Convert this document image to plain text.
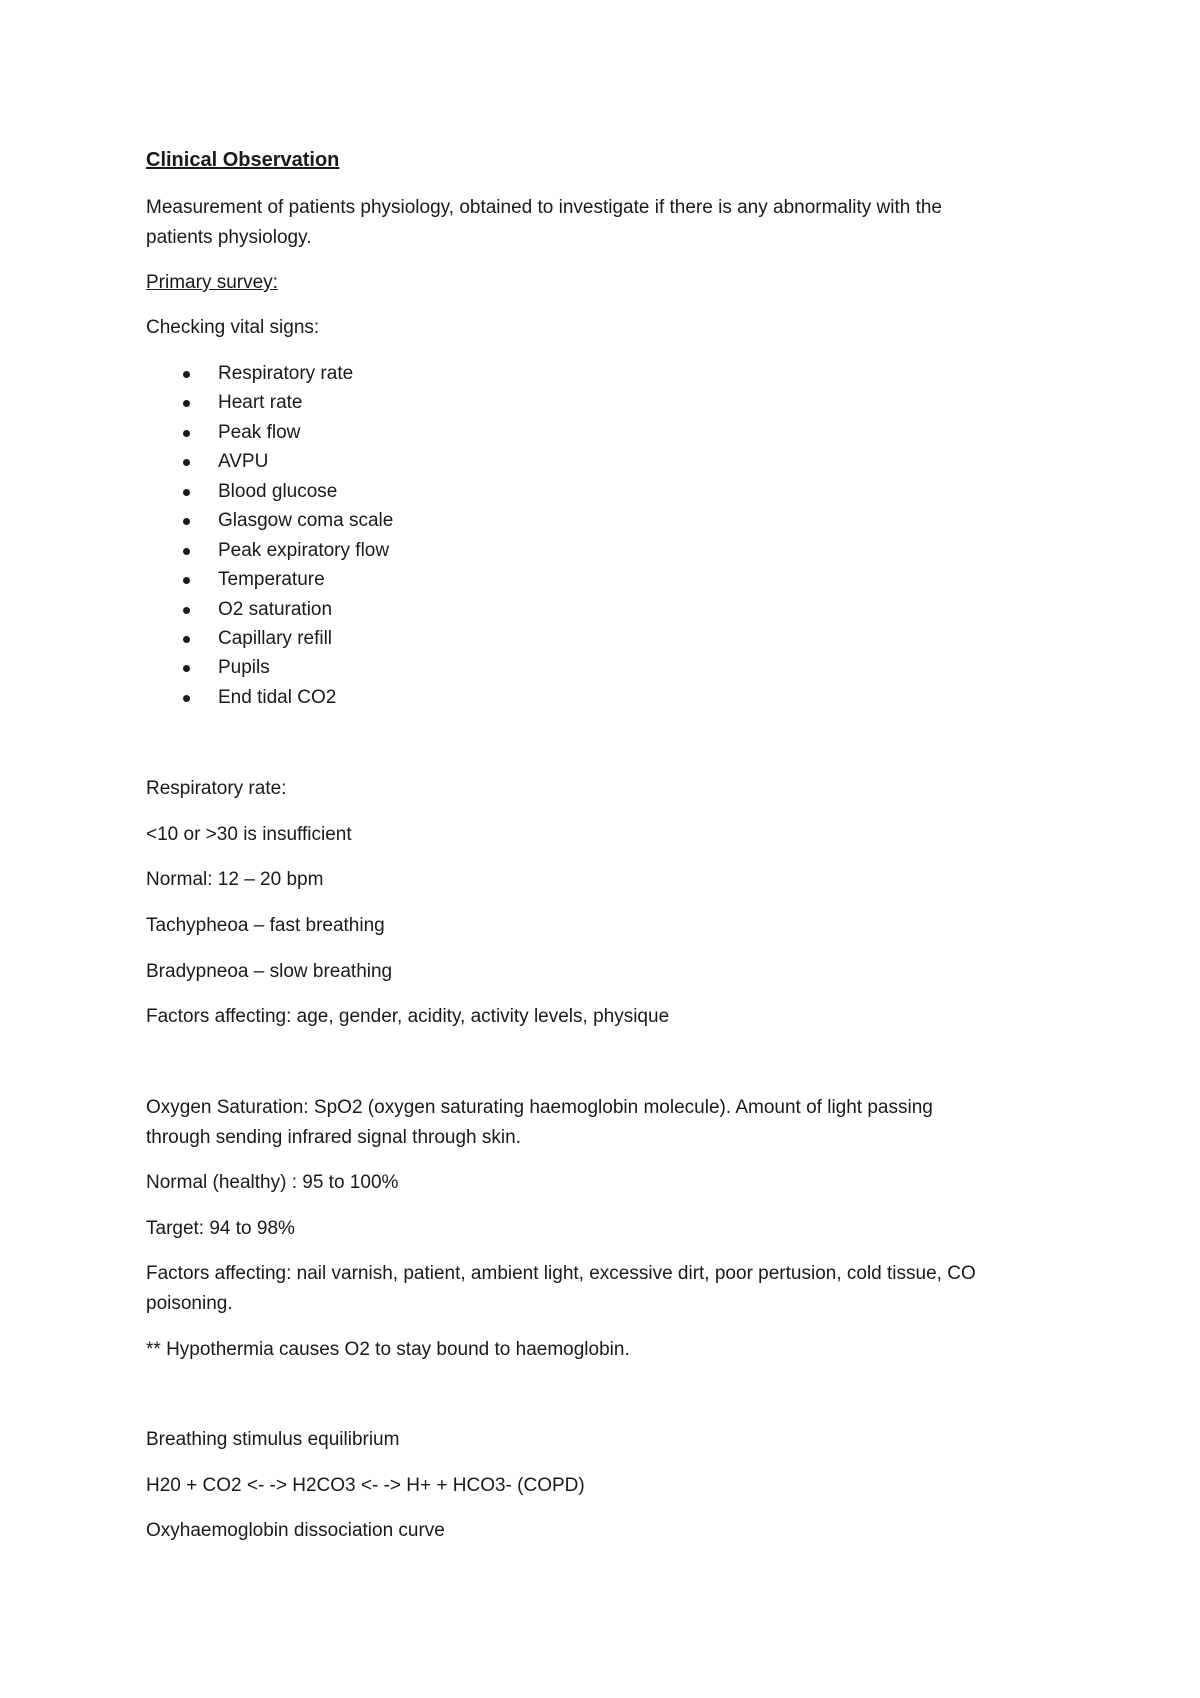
Clinical Observation
Measurement of patients physiology, obtained to investigate if there is any abnormality with the
patients physiology.
Primary survey:
Checking vital signs:
Respiratory rate
Heart rate
Peak flow
AVPU
Blood glucose
Glasgow coma scale
Peak expiratory flow
Temperature
O2 saturation
Capillary refill
Pupils
End tidal CO2
Respiratory rate:
<10 or >30 is insufficient
Normal: 12 – 20 bpm
Tachypheoa – fast breathing
Bradypneoa – slow breathing
Factors affecting: age, gender, acidity, activity levels, physique
Oxygen Saturation: SpO2 (oxygen saturating haemoglobin molecule). Amount of light passing
through sending infrared signal through skin.
Normal (healthy) : 95 to 100%
Target: 94 to 98%
Factors affecting: nail varnish, patient, ambient light, excessive dirt, poor pertusion, cold tissue, CO
poisoning.
** Hypothermia causes O2 to stay bound to haemoglobin.
Breathing stimulus equilibrium
H20 + CO2 <- -> H2CO3 <- -> H+ + HCO3- (COPD)
Oxyhaemoglobin dissociation curve
